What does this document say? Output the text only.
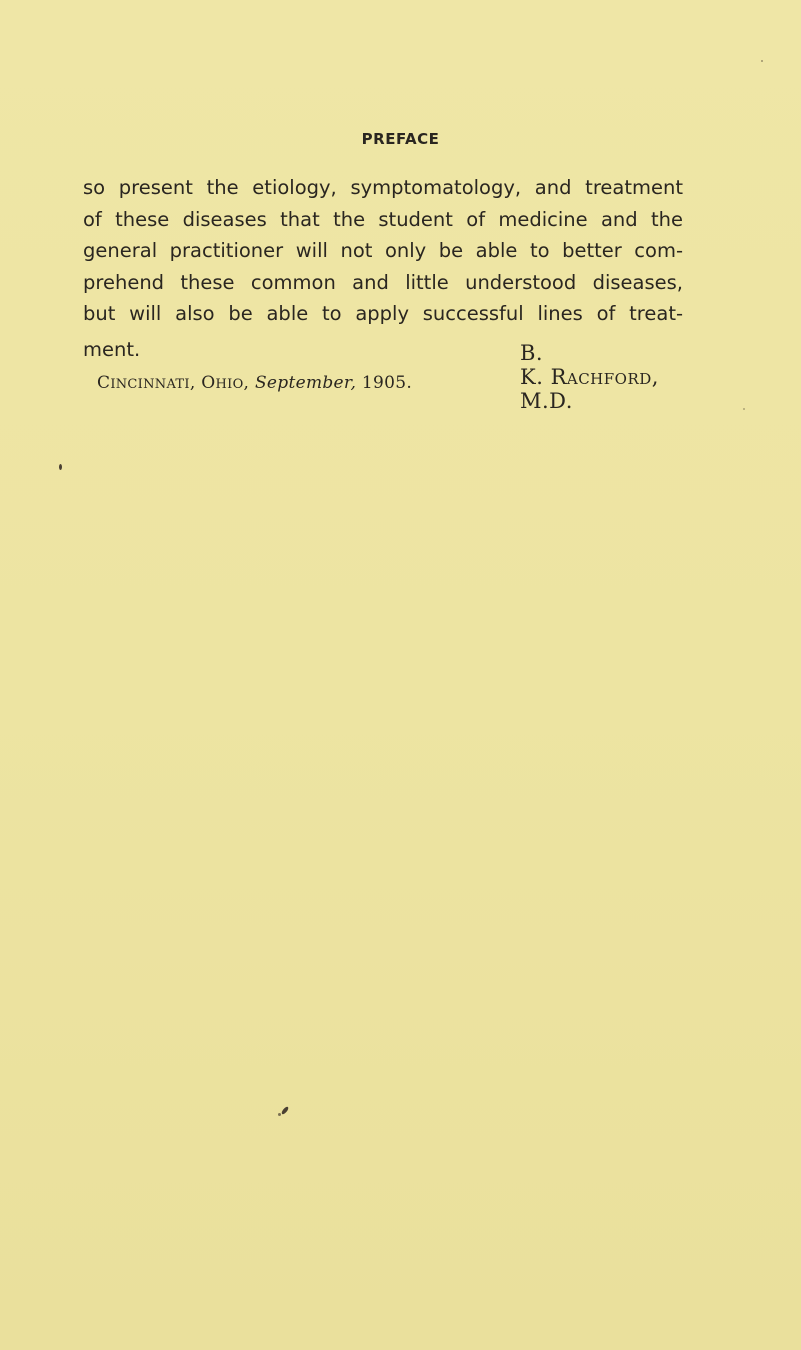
PREFACE
so present the etiology, symptomatology, and treatment
of these diseases that the student of medicine and the
general practitioner will not only be able to better com-
prehend these common and little understood diseases,
but will also be able to apply successful lines of treat-
ment.	B. K. RACHFORD, M.D.
CINCINNATI, OHIO, September, 1905.
